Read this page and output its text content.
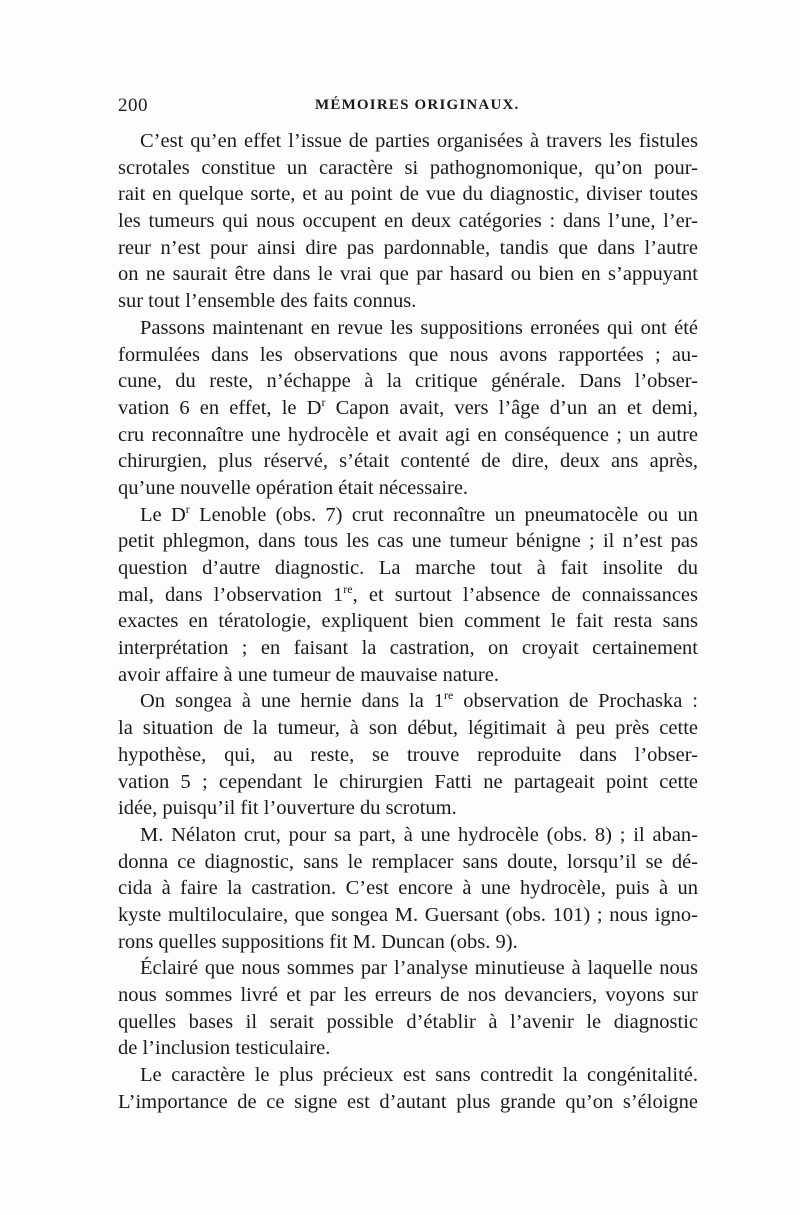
200	MÉMOIRES ORIGINAUX.
C’est qu’en effet l’issue de parties organisées à travers les fistules
scrotales constitue un caractère si pathognomonique, qu’on pour-
rait en quelque sorte, et au point de vue du diagnostic, diviser toutes
les tumeurs qui nous occupent en deux catégories : dans l’une, l’er-
reur n’est pour ainsi dire pas pardonnable, tandis que dans l’autre
on ne saurait être dans le vrai que par hasard ou bien en s’appuyant
sur tout l’ensemble des faits connus.
Passons maintenant en revue les suppositions erronées qui ont été
formulées dans les observations que nous avons rapportées ; au-
cune, du reste, n’échappe à la critique générale. Dans l’obser-
vation 6 en effet, le $D^r$ Capon avait, vers l’âge d’un an et demi,
cru reconnaître une hydrocèle et avait agi en conséquence ; un autre
chirurgien, plus réservé, s’était contenté de dire, deux ans après,
qu’une nouvelle opération était nécessaire.
Le $D^r$ Lenoble (obs. 7) crut reconnaître un pneumatocèle ou un
petit phlegmon, dans tous les cas une tumeur bénigne ; il n’est pas
question d’autre diagnostic. La marche tout à fait insolite du
mal, dans l’observation 1re, et surtout l’absence de connaissances
exactes en tératologie, expliquent bien comment le fait resta sans
interprétation ; en faisant la castration, on croyait certainement
avoir affaire à une tumeur de mauvaise nature.
On songea à une hernie dans la 1re observation de Prochaska :
la situation de la tumeur, à son début, légitimait à peu près cette
hypothèse, qui, au reste, se trouve reproduite dans l’obser-
vation 5 ; cependant le chirurgien Fatti ne partageait point cette
idée, puisqu’il fit l’ouverture du scrotum.
M. Nélaton crut, pour sa part, à une hydrocèle (obs. 8) ; il aban-
donna ce diagnostic, sans le remplacer sans doute, lorsqu’il se dé-
cida à faire la castration. C’est encore à une hydrocèle, puis à un
kyste multiloculaire, que songea M. Guersant (obs. 101) ; nous igno-
rons quelles suppositions fit M. Duncan (obs. 9).
Éclairé que nous sommes par l’analyse minutieuse à laquelle nous
nous sommes livré et par les erreurs de nos devanciers, voyons sur
quelles bases il serait possible d’établir à l’avenir le diagnostic
de l’inclusion testiculaire.
Le caractère le plus précieux est sans contredit la congénitalité.
L’importance de ce signe est d’autant plus grande qu’on s’éloigne
